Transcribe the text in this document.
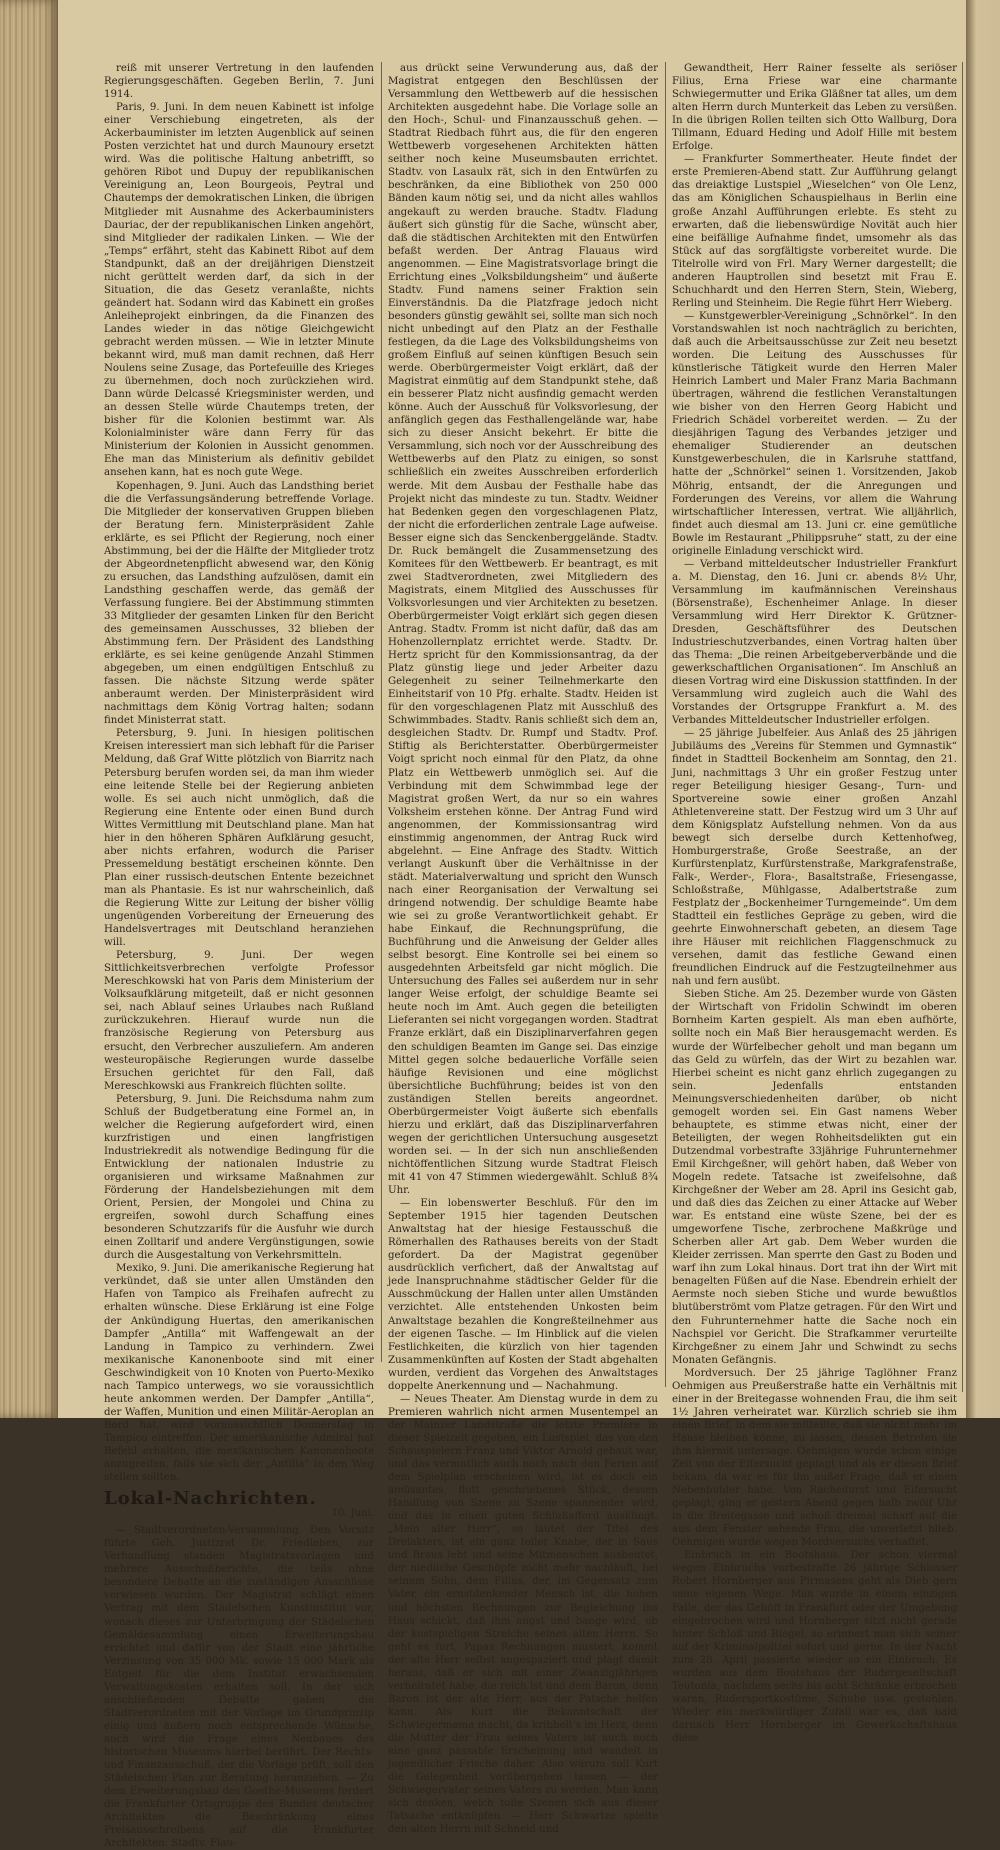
reiß mit unserer Vertretung in den laufenden Regierungsgeschäften. Gegeben Berlin, 7. Juni 1914.

Paris, 9. Juni. In dem neuen Kabinett ist infolge einer Verschiebung eingetreten, als der Ackerbauminister im letzten Augenblick auf seinen Posten verzichtet hat und durch Maunoury ersetzt wird. Was die politische Haltung anbetrifft, so gehören Ribot und Dupuy der republikanischen Vereinigung an, Leon Bourgeois, Peytral und Chautemps der demokratischen Linken, die übrigen Mitglieder mit Ausnahme des Ackerbauministers Dauriac, der der republikanischen Linken angehört, sind Mitglieder der radikalen Linken. — Wie der „Temps“ erfährt, steht das Kabinett Ribot auf dem Standpunkt, daß an der dreijährigen Dienstzeit nicht gerüttelt werden darf, da sich in der Situation, die das Gesetz veranlaßte, nichts geändert hat. Sodann wird das Kabinett ein großes Anleiheprojekt einbringen, da die Finanzen des Landes wieder in das nötige Gleichgewicht gebracht werden müssen. — Wie in letzter Minute bekannt wird, muß man damit rechnen, daß Herr Noulens seine Zusage, das Portefeuille des Krieges zu übernehmen, doch noch zurückziehen wird. Dann würde Delcassé Kriegsminister werden, und an dessen Stelle würde Chautemps treten, der bisher für die Kolonien bestimmt war. Als Kolonialminister wäre dann Ferry für das Ministerium der Kolonien in Aussicht genommen. Ehe man das Ministerium als definitiv gebildet ansehen kann, hat es noch gute Wege.

Kopenhagen, 9. Juni. Auch das Landsthing beriet die die Verfassungsänderung betreffende Vorlage. Die Mitglieder der konservativen Gruppen blieben der Beratung fern. Ministerpräsident Zahle erklärte, es sei Pflicht der Regierung, noch einer Abstimmung, bei der die Hälfte der Mitglieder trotz der Abgeordnetenpflicht abwesend war, den König zu ersuchen, das Landsthing aufzulösen, damit ein Landsthing geschaffen werde, das gemäß der Verfassung fungiere. Bei der Abstimmung stimmten 33 Mitglieder der gesamten Linken für den Bericht des gemeinsamen Ausschusses, 32 blieben der Abstimmung fern. Der Präsident des Landsthing erklärte, es sei keine genügende Anzahl Stimmen abgegeben, um einen endgültigen Entschluß zu fassen. Die nächste Sitzung werde später anberaumt werden. Der Ministerpräsident wird nachmittags dem König Vortrag halten; sodann findet Ministerrat statt.

Petersburg, 9. Juni. In hiesigen politischen Kreisen interessiert man sich lebhaft für die Pariser Meldung, daß Graf Witte plötzlich von Biarritz nach Petersburg berufen worden sei, da man ihm wieder eine leitende Stelle bei der Regierung anbieten wolle. Es sei auch nicht unmöglich, daß die Regierung eine Entente oder einen Bund durch Wittes Vermittlung mit Deutschland plane. Man hat hier in den höheren Sphären Aufklärung gesucht, aber nichts erfahren, wodurch die Pariser Pressemeldung bestätigt erscheinen könnte. Den Plan einer russisch-deutschen Entente bezeichnet man als Phantasie. Es ist nur wahrscheinlich, daß die Regierung Witte zur Leitung der bisher völlig ungenügenden Vorbereitung der Erneuerung des Handelsvertrages mit Deutschland heranziehen will.

Petersburg, 9. Juni. Der wegen Sittlichkeitsverbrechen verfolgte Professor Mereschkowski hat von Paris dem Ministerium der Volksaufklärung mitgeteilt, daß er nicht gesonnen sei, nach Ablauf seines Urlaubes nach Rußland zurückzukehren. Hierauf wurde nun die französische Regierung von Petersburg aus ersucht, den Verbrecher auszuliefern. Am anderen westeuropäische Regierungen wurde dasselbe Ersuchen gerichtet für den Fall, daß Mereschkowski aus Frankreich flüchten sollte.

Petersburg, 9. Juni. Die Reichsduma nahm zum Schluß der Budgetberatung eine Formel an, in welcher die Regierung aufgefordert wird, einen kurzfristigen und einen langfristigen Industriekredit als notwendige Bedingung für die Entwicklung der nationalen Industrie zu organisieren und wirksame Maßnahmen zur Förderung der Handelsbeziehungen mit dem Orient, Persien, der Mongolei und China zu ergreifen, sowohl durch Schaffung eines besonderen Schutzzarifs für die Ausfuhr wie durch einen Zolltarif und andere Vergünstigungen, sowie durch die Ausgestaltung von Verkehrsmitteln.

Mexiko, 9. Juni. Die amerikanische Regierung hat verkündet, daß sie unter allen Umständen den Hafen von Tampico als Freihafen aufrecht zu erhalten wünsche. Diese Erklärung ist eine Folge der Ankündigung Huertas, den amerikanischen Dampfer „Antilla“ mit Waffengewalt an der Landung in Tampico zu verhindern. Zwei mexikanische Kanonenboote sind mit einer Geschwindigkeit von 10 Knoten von Puerto-Mexiko nach Tampico unterwegs, wo sie voraussichtlich heute ankommen werden. Der Dampfer „Antilla“, der Waffen, Munition und einen Militär-Aeroplan an Bord hat, wird voraussichtlich Donnerstag in Tampico eintreffen. Der amerikanische Admiral hat Befehl erhalten, die mexikanischen Kanonenboote anzugreifen, falls sie sich der „Antilla“ in den Weg stellen sollten.

Lokal-Nachrichten.
10. Juni.

— Stadtverordneten-Versammlung. Den Vorsitz führte Geh. Justizrat Dr. Friedleben, zur Verhandlung standen Magistratsvorlagen und mehrere Ausschußberichte, die teils ohne besondere Debatte an die zuständigen Ausschüsse verwiesen wurden. Der Magistrat schlägt einen Vertrag mit dem Städelschen Kunstinstitut vor, wonach dieses zur Unterbringung der Städelschen Gemäldesammlung einen Erweiterungsbau errichtet und dafür von der Stadt eine jährliche Verzinsung von 35 000 Mk. sowie 15 000 Mark als Entgelt für die dem Institut erwachsenden Verwaltungskosten erhalten soll. In der sich anschließenden Debatte gaben die Stadtverordneten mit der Vorlage im Grundprinzip einig und äußern noch entsprechende Wünsche, auch wird die Frage eines Neubaues des historischen Museums hierbei berührt. Der Rechts- und Finanzausschuß, der die Vorlage prüft, soll den Städelschen Plan zur Beratung heranziehen. — Zu dem Erweiterungsbau des Goethe-Museums fordert die Frankfurter Ortsgruppe des Bundes deutscher Architekten die Beschränkung eines Preisausschreibens auf die Frankfurter Architekten. Stadtv. Flau-

aus drückt seine Verwunderung aus, daß der Magistrat entgegen den Beschlüssen der Versammlung den Wettbewerb auf die hessischen Architekten ausgedehnt habe. Die Vorlage solle an den Hoch-, Schul- und Finanzausschuß gehen. — Stadtrat Riedbach führt aus, die für den engeren Wettbewerb vorgesehenen Architekten hätten seither noch keine Museumsbauten errichtet. Stadtv. von Lasaulx rät, sich in den Entwürfen zu beschränken, da eine Bibliothek von 250 000 Bänden kaum nötig sei, und da nicht alles wahllos angekauft zu werden brauche. Stadtv. Fladung äußert sich günstig für die Sache, wünscht aber, daß die städtischen Architekten mit den Entwürfen befaßt werden. Der Antrag Flauaus wird angenommen. — Eine Magistratsvorlage bringt die Errichtung eines „Volksbildungsheim“ und äußerte Stadtv. Fund namens seiner Fraktion sein Einverständnis. Da die Platzfrage jedoch nicht besonders günstig gewählt sei, sollte man sich noch nicht unbedingt auf den Platz an der Festhalle festlegen, da die Lage des Volksbildungsheims von großem Einfluß auf seinen künftigen Besuch sein werde. Oberbürgermeister Voigt erklärt, daß der Magistrat einmütig auf dem Standpunkt stehe, daß ein besserer Platz nicht ausfindig gemacht werden könne. Auch der Ausschuß für Volksvorlesung, der anfänglich gegen das Festhallengelände war, habe sich zu dieser Ansicht bekehrt. Er bitte die Versammlung, sich noch vor der Ausschreibung des Wettbewerbs auf den Platz zu einigen, so sonst schließlich ein zweites Ausschreiben erforderlich werde. Mit dem Ausbau der Festhalle habe das Projekt nicht das mindeste zu tun. Stadtv. Weidner hat Bedenken gegen den vorgeschlagenen Platz, der nicht die erforderlichen zentrale Lage aufweise. Besser eigne sich das Senckenberggelände. Stadtv. Dr. Ruck bemängelt die Zusammensetzung des Komitees für den Wettbewerb. Er beantragt, es mit zwei Stadtverordneten, zwei Mitgliedern des Magistrats, einem Mitglied des Ausschusses für Volksvorlesungen und vier Architekten zu besetzen. Oberbürgermeister Voigt erklärt sich gegen diesen Antrag. Stadtv. Fromm ist nicht dafür, daß das am Hohenzollernplatz errichtet werde. Stadtv. Dr. Hertz spricht für den Kommissionsantrag, da der Platz günstig liege und jeder Arbeiter dazu Gelegenheit zu seiner Teilnehmerkarte den Einheitstarif von 10 Pfg. erhalte. Stadtv. Heiden ist für den vorgeschlagenen Platz mit Ausschluß des Schwimmbades. Stadtv. Ranis schließt sich dem an, desgleichen Stadtv. Dr. Rumpf und Stadtv. Prof. Stiftig als Berichterstatter. Oberbürgermeister Voigt spricht noch einmal für den Platz, da ohne Platz ein Wettbewerb unmöglich sei. Auf die Verbindung mit dem Schwimmbad lege der Magistrat großen Wert, da nur so ein wahres Volksheim erstehen könne. Der Antrag Fund wird angenommen, der Kommissionsantrag wird einstimmig angenommen, der Antrag Ruck wird abgelehnt. — Eine Anfrage des Stadtv. Wittich verlangt Auskunft über die Verhältnisse in der städt. Materialverwaltung und spricht den Wunsch nach einer Reorganisation der Verwaltung sei dringend notwendig. Der schuldige Beamte habe wie sei zu große Verantwortlichkeit gehabt. Er habe Einkauf, die Rechnungsprüfung, die Buchführung und die Anweisung der Gelder alles selbst besorgt. Eine Kontrolle sei bei einem so ausgedehnten Arbeitsfeld gar nicht möglich. Die Untersuchung des Falles sei außerdem nur in sehr langer Weise erfolgt, der schuldige Beamte sei heute noch im Amt. Auch gegen die beteiligten Lieferanten sei nicht vorgegangen worden. Stadtrat Franze erklärt, daß ein Disziplinarverfahren gegen den schuldigen Beamten im Gange sei. Das einzige Mittel gegen solche bedauerliche Vorfälle seien häufige Revisionen und eine möglichst übersichtliche Buchführung; beides ist von den zuständigen Stellen bereits angeordnet. Oberbürgermeister Voigt äußerte sich ebenfalls hierzu und erklärt, daß das Disziplinarverfahren wegen der gerichtlichen Untersuchung ausgesetzt worden sei. — In der sich nun anschließenden nichtöffentlichen Sitzung wurde Stadtrat Fleisch mit 41 von 47 Stimmen wiedergewählt. Schluß 8¾ Uhr.

— Ein lobenswerter Beschluß. Für den im September 1915 hier tagenden Deutschen Anwaltstag hat der hiesige Festausschuß die Römerhallen des Rathauses bereits von der Stadt gefordert. Da der Magistrat gegenüber ausdrücklich verfichert, daß der Anwaltstag auf jede Inanspruchnahme städtischer Gelder für die Ausschmückung der Hallen unter allen Umständen verzichtet. Alle entstehenden Unkosten beim Anwaltstage bezahlen die Kongreßteilnehmer aus der eigenen Tasche. — Im Hinblick auf die vielen Festlichkeiten, die kürzlich von hier tagenden Zusammenkünften auf Kosten der Stadt abgehalten wurden, verdient das Vorgehen des Anwaltstages doppelte Anerkennung und — Nachahmung.

— Neues Theater. Am Dienstag wurde in dem zu Premieren wahrlich nicht armen Musentempel an der Mainzer Landstraße die letzte Premiere in dieser Spielzeit gegeben, ein Lustspiel, das von den Schauspielern Franz und Viktor Arnold gebaut war, und das vermutlich auch noch nach den Ferien auf dem Spielplan erscheinen wird, ist es doch ein amüsantes, flott geschriebenes Stück, dessen Handlung von Szene zu Szene spannender wird, und das in einen guten Schlußafford ausklingt. „Mein alter Herr“, so lautet der Titel des Dreiakters, ist ein ganz toller Knabe, der in Saus und Braus lebt und seine Mitmenschen ausbeutet, der niedliche Geschöpfe nicht mehr nachläuft, bei seinem Sohn, dem Filius, der, im Gegensatz zum Vater, ein ernstdenkender Mensch ist, die hohen und höchsten Rechnungen zur Begleichung ins Haus schickt, daß ihm angst und bange wird, ob der kostspieligen Streiche seines alten Herrn. So geht es fort, Papas Rechnungen mustert, kommt der alte Herr selbst angespaziert und plagt damit heraus, daß er sich mit einer Zwanzigjährigen verheiratet habe, die reich ist und dem Baron, denn Baron ist der alte Herr, aus der Patsche helfen kann. Als Kurt die Bekanntschaft der Schwiegermama macht, da kribbelt's im Herz, denn die Mutter der Frau seines Vaters ist auch noch eine ganz passable Erscheinung und wandelt in jugendlicher Frische daher. Also warum soll Kurt die Gelegenheit vorübergehen lassen — der Schwiegervater seines Vaters zu werden. Man kann sich denken, welch tolle Szenen sich aus dieser Tatsache entknüpfen. — Herr Schwartze spielte den alten Herrn mit Schneid und

Gewandtheit, Herr Rainer fesselte als seriöser Filius, Erna Friese war eine charmante Schwiegermutter und Erika Gläßner tat alles, um dem alten Herrn durch Munterkeit das Leben zu versüßen. In die übrigen Rollen teilten sich Otto Wallburg, Dora Tillmann, Eduard Heding und Adolf Hille mit bestem Erfolge.

— Frankfurter Sommertheater. Heute findet der erste Premieren-Abend statt. Zur Aufführung gelangt das dreiaktige Lustspiel „Wieselchen“ von Ole Lenz, das am Königlichen Schauspielhaus in Berlin eine große Anzahl Aufführungen erlebte. Es steht zu erwarten, daß die liebenswürdige Novität auch hier eine beifällige Aufnahme findet, umsomehr als das Stück auf das sorgfältigste vorbereitet wurde. Die Titelrolle wird von Frl. Mary Werner dargestellt; die anderen Hauptrollen sind besetzt mit Frau E. Schuchhardt und den Herren Stern, Stein, Wieberg, Rerling und Steinheim. Die Regie führt Herr Wieberg.

— Kunstgewerbler-Vereinigung „Schnörkel“. In den Vorstandswahlen ist noch nachträglich zu berichten, daß auch die Arbeitsausschüsse zur Zeit neu besetzt worden. Die Leitung des Ausschusses für künstlerische Tätigkeit wurde den Herren Maler Heinrich Lambert und Maler Franz Maria Bachmann übertragen, während die festlichen Veranstaltungen wie bisher von den Herren Georg Habicht und Friedrich Schädel vorbereitet werden. — Zu der diesjährigen Tagung des Verbandes jetziger und ehemaliger Studierender an deutschen Kunstgewerbeschulen, die in Karlsruhe stattfand, hatte der „Schnörkel“ seinen 1. Vorsitzenden, Jakob Möhrig, entsandt, der die Anregungen und Forderungen des Vereins, vor allem die Wahrung wirtschaftlicher Interessen, vertrat. Wie alljährlich, findet auch diesmal am 13. Juni cr. eine gemütliche Bowle im Restaurant „Philippsruhe“ statt, zu der eine originelle Einladung verschickt wird.

— Verband mitteldeutscher Industrieller Frankfurt a. M. Dienstag, den 16. Juni cr. abends 8½ Uhr, Versammlung im kaufmännischen Vereinshaus (Börsenstraße), Eschenheimer Anlage. In dieser Versammlung wird Herr Direktor K. Grützner-Dresden, Geschäftsführer des Deutschen Industrieschutzverbandes, einen Vortrag halten über das Thema: „Die reinen Arbeitgeberverbände und die gewerkschaftlichen Organisationen“. Im Anschluß an diesen Vortrag wird eine Diskussion stattfinden. In der Versammlung wird zugleich auch die Wahl des Vorstandes der Ortsgruppe Frankfurt a. M. des Verbandes Mitteldeutscher Industrieller erfolgen.

— 25 jährige Jubelfeier. Aus Anlaß des 25 jährigen Jubiläums des „Vereins für Stemmen und Gymnastik“ findet in Stadtteil Bockenheim am Sonntag, den 21. Juni, nachmittags 3 Uhr ein großer Festzug unter reger Beteiligung hiesiger Gesang-, Turn- und Sportvereine sowie einer großen Anzahl Athletenvereine statt. Der Festzug wird um 3 Uhr auf dem Königsplatz Aufstellung nehmen. Von da aus bewegt sich derselbe durch Kettenhofweg, Homburgerstraße, Große Seestraße, an der Kurfürstenplatz, Kurfürstenstraße, Markgrafenstraße, Falk-, Werder-, Flora-, Basaltstraße, Friesengasse, Schloßstraße, Mühlgasse, Adalbertstraße zum Festplatz der „Bockenheimer Turngemeinde“. Um dem Stadtteil ein festliches Gepräge zu geben, wird die geehrte Einwohnerschaft gebeten, an diesem Tage ihre Häuser mit reichlichen Flaggenschmuck zu versehen, damit das festliche Gewand einen freundlichen Eindruck auf die Festzugteilnehmer aus nah und fern ausübt.

Sieben Stiche. Am 25. Dezember wurde von Gästen der Wirtschaft von Fridolin Schwindt im oberen Bornheim Karten gespielt. Als man eben aufhörte, sollte noch ein Maß Bier herausgemacht werden. Es wurde der Würfelbecher geholt und man begann um das Geld zu würfeln, das der Wirt zu bezahlen war. Hierbei scheint es nicht ganz ehrlich zugegangen zu sein. Jedenfalls entstanden Meinungsverschiedenheiten darüber, ob nicht gemogelt worden sei. Ein Gast namens Weber behauptete, es stimme etwas nicht, einer der Beteiligten, der wegen Rohheitsdelikten gut ein Dutzendmal vorbestrafte 33jährige Fuhrunternehmer Emil Kirchgeßner, will gehört haben, daß Weber von Mogeln redete. Tatsache ist zweifelsohne, daß Kirchgeßner der Weber am 28. April ins Gesicht gab, und daß dies das Zeichen zu einer Attacke auf Weber war. Es entstand eine wüste Szene, bei der es umgeworfene Tische, zerbrochene Maßkrüge und Scherben aller Art gab. Dem Weber wurden die Kleider zerrissen. Man sperrte den Gast zu Boden und warf ihn zum Lokal hinaus. Dort trat ihn der Wirt mit benagelten Füßen auf die Nase. Ebendrein erhielt der Aermste noch sieben Stiche und wurde bewußtlos blutüberströmt vom Platze getragen. Für den Wirt und den Fuhrunternehmer hatte die Sache noch ein Nachspiel vor Gericht. Die Strafkammer verurteilte Kirchgeßner zu einem Jahr und Schwindt zu sechs Monaten Gefängnis.

Mordversuch. Der 25 jährige Taglöhner Franz Oehmigen aus Preußerstraße hatte ein Verhältnis mit einer in der Breitegasse wohnenden Frau, die ihm seit 1½ Jahren verheiratet war. Kürzlich schrieb sie ihm einen Brief, in dem sie mitteilte, daß sie nicht mehr im Hause bleiben könne, zu lassen, dessen Betreten sie ihm hiermit untersage. Oehmigen wurde schon einige Zeit von der Eifersucht geplagt und als er diesen Brief bekam, da war es für ihn außer Frage, daß er einen Nebenbuhler habe. Von Rachedurst und Eifersucht geplagt, ging er gestern Abend gegen halb zwölf Uhr in die Breitegasse und schoß dreimal scharf auf die aus dem Fenster sehende Frau, die unverletzt blieb. Oehmigen wurde wegen Mordversuchs verhaftet.

Einbruch in ein Bootshaus. Der schon viermal wegen Einbruchs vorbestrafte 26 jährige Schlosser Robert Hornberger aus Pirmasens geht als Dieb gern seine eigenen Wege. Man wurde in einem einzigen Falle, der das Gehöft in Frankfurt oder der Umgebung eingebrochen wird und Hornberger sitzt nicht gerade hinter Schloß und Riegel, so erinnert man sich seiner auf der Kriminalpolizei sofort und gerne. In der Nacht zum 28. April passierte wieder so ein Einbruch. Es wurden aus dem Bootshaus der Rudergesellschaft Teutonia, nachdem sechs bis acht Schränke erbrochen waren, Rudersportkostüme, Schuhe usw. gestohlen. Wieder ein merkwürdiger Zufall war es, daß bald darnach Herr Hornberger im Gewerkschaftshaus diese
